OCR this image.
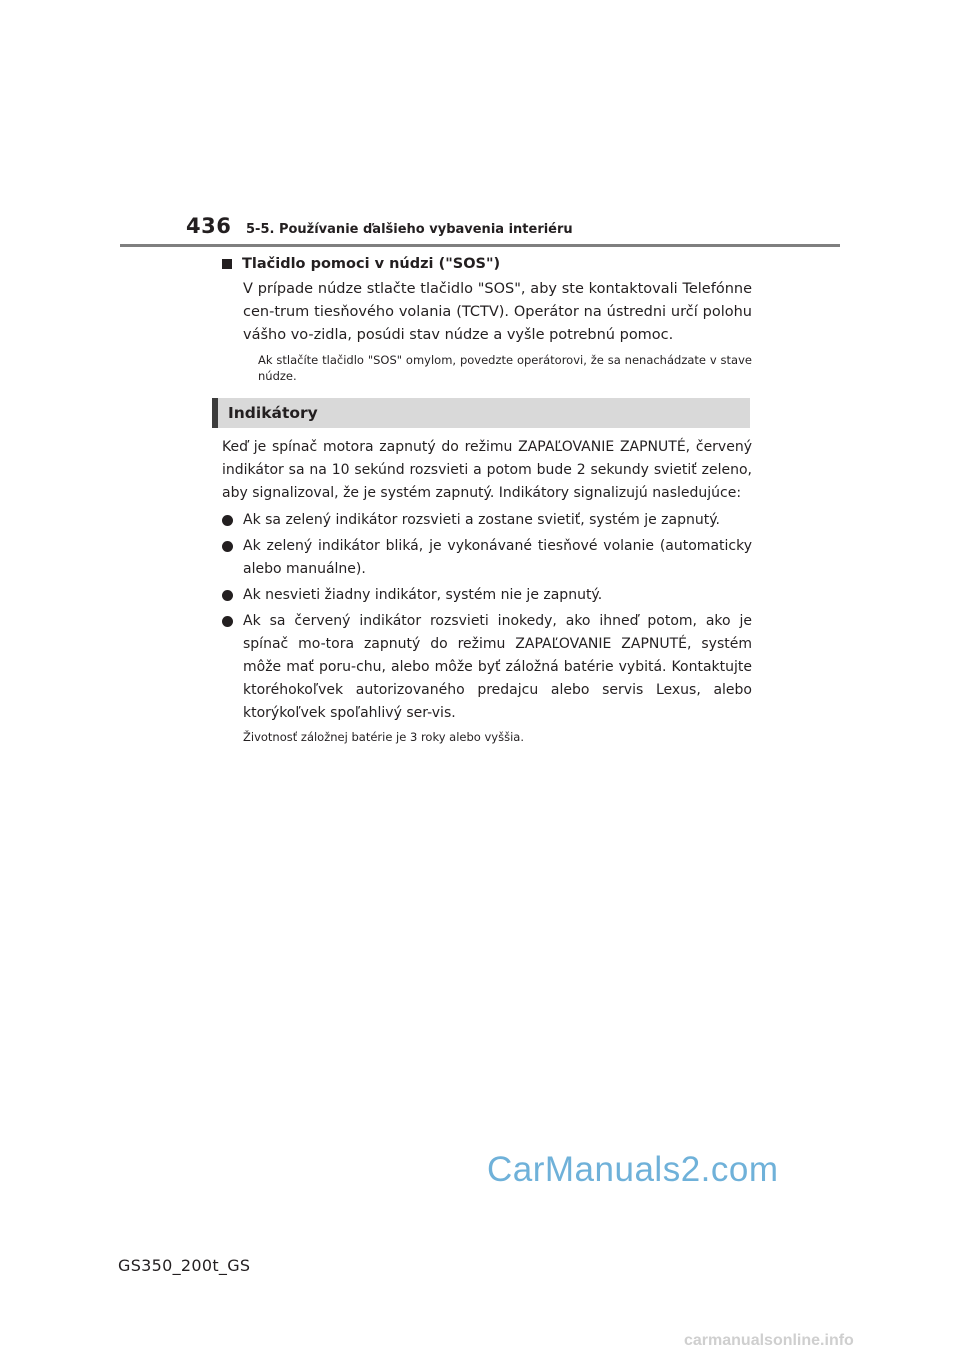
436 5-5. Používanie ďalšieho vybavenia interiéru
Tlačidlo pomoci v núdzi ("SOS")
V prípade núdze stlačte tlačidlo "SOS", aby ste kontaktovali Telefónne cen-trum tiesňového volania (TCTV). Operátor na ústredni určí polohu vášho vo-zidla, posúdi stav núdze a vyšle potrebnú pomoc.
Ak stlačíte tlačidlo "SOS" omylom, povedzte operátorovi, že sa nenachádzate v stave núdze.
Indikátory
Keď je spínač motora zapnutý do režimu ZAPAĽOVANIE ZAPNUTÉ, červený indikátor sa na 10 sekúnd rozsvieti a potom bude 2 sekundy svietiť zeleno, aby signalizoval, že je systém zapnutý. Indikátory signalizujú nasledujúce:
Ak sa zelený indikátor rozsvieti a zostane svietiť, systém je zapnutý.
Ak zelený indikátor bliká, je vykonávané tiesňové volanie (automaticky alebo manuálne).
Ak nesvieti žiadny indikátor, systém nie je zapnutý.
Ak sa červený indikátor rozsvieti inokedy, ako ihneď potom, ako je spínač mo-tora zapnutý do režimu ZAPAĽOVANIE ZAPNUTÉ, systém môže mať poru-chu, alebo môže byť záložná batérie vybitá. Kontaktujte ktoréhokoľvek autorizovaného predajcu alebo servis Lexus, alebo ktorýkoľvek spoľahlivý ser-vis.
Životnosť záložnej batérie je 3 roky alebo vyššia.
CarManuals2.com
GS350_200t_GS
carmanualsonline.info
